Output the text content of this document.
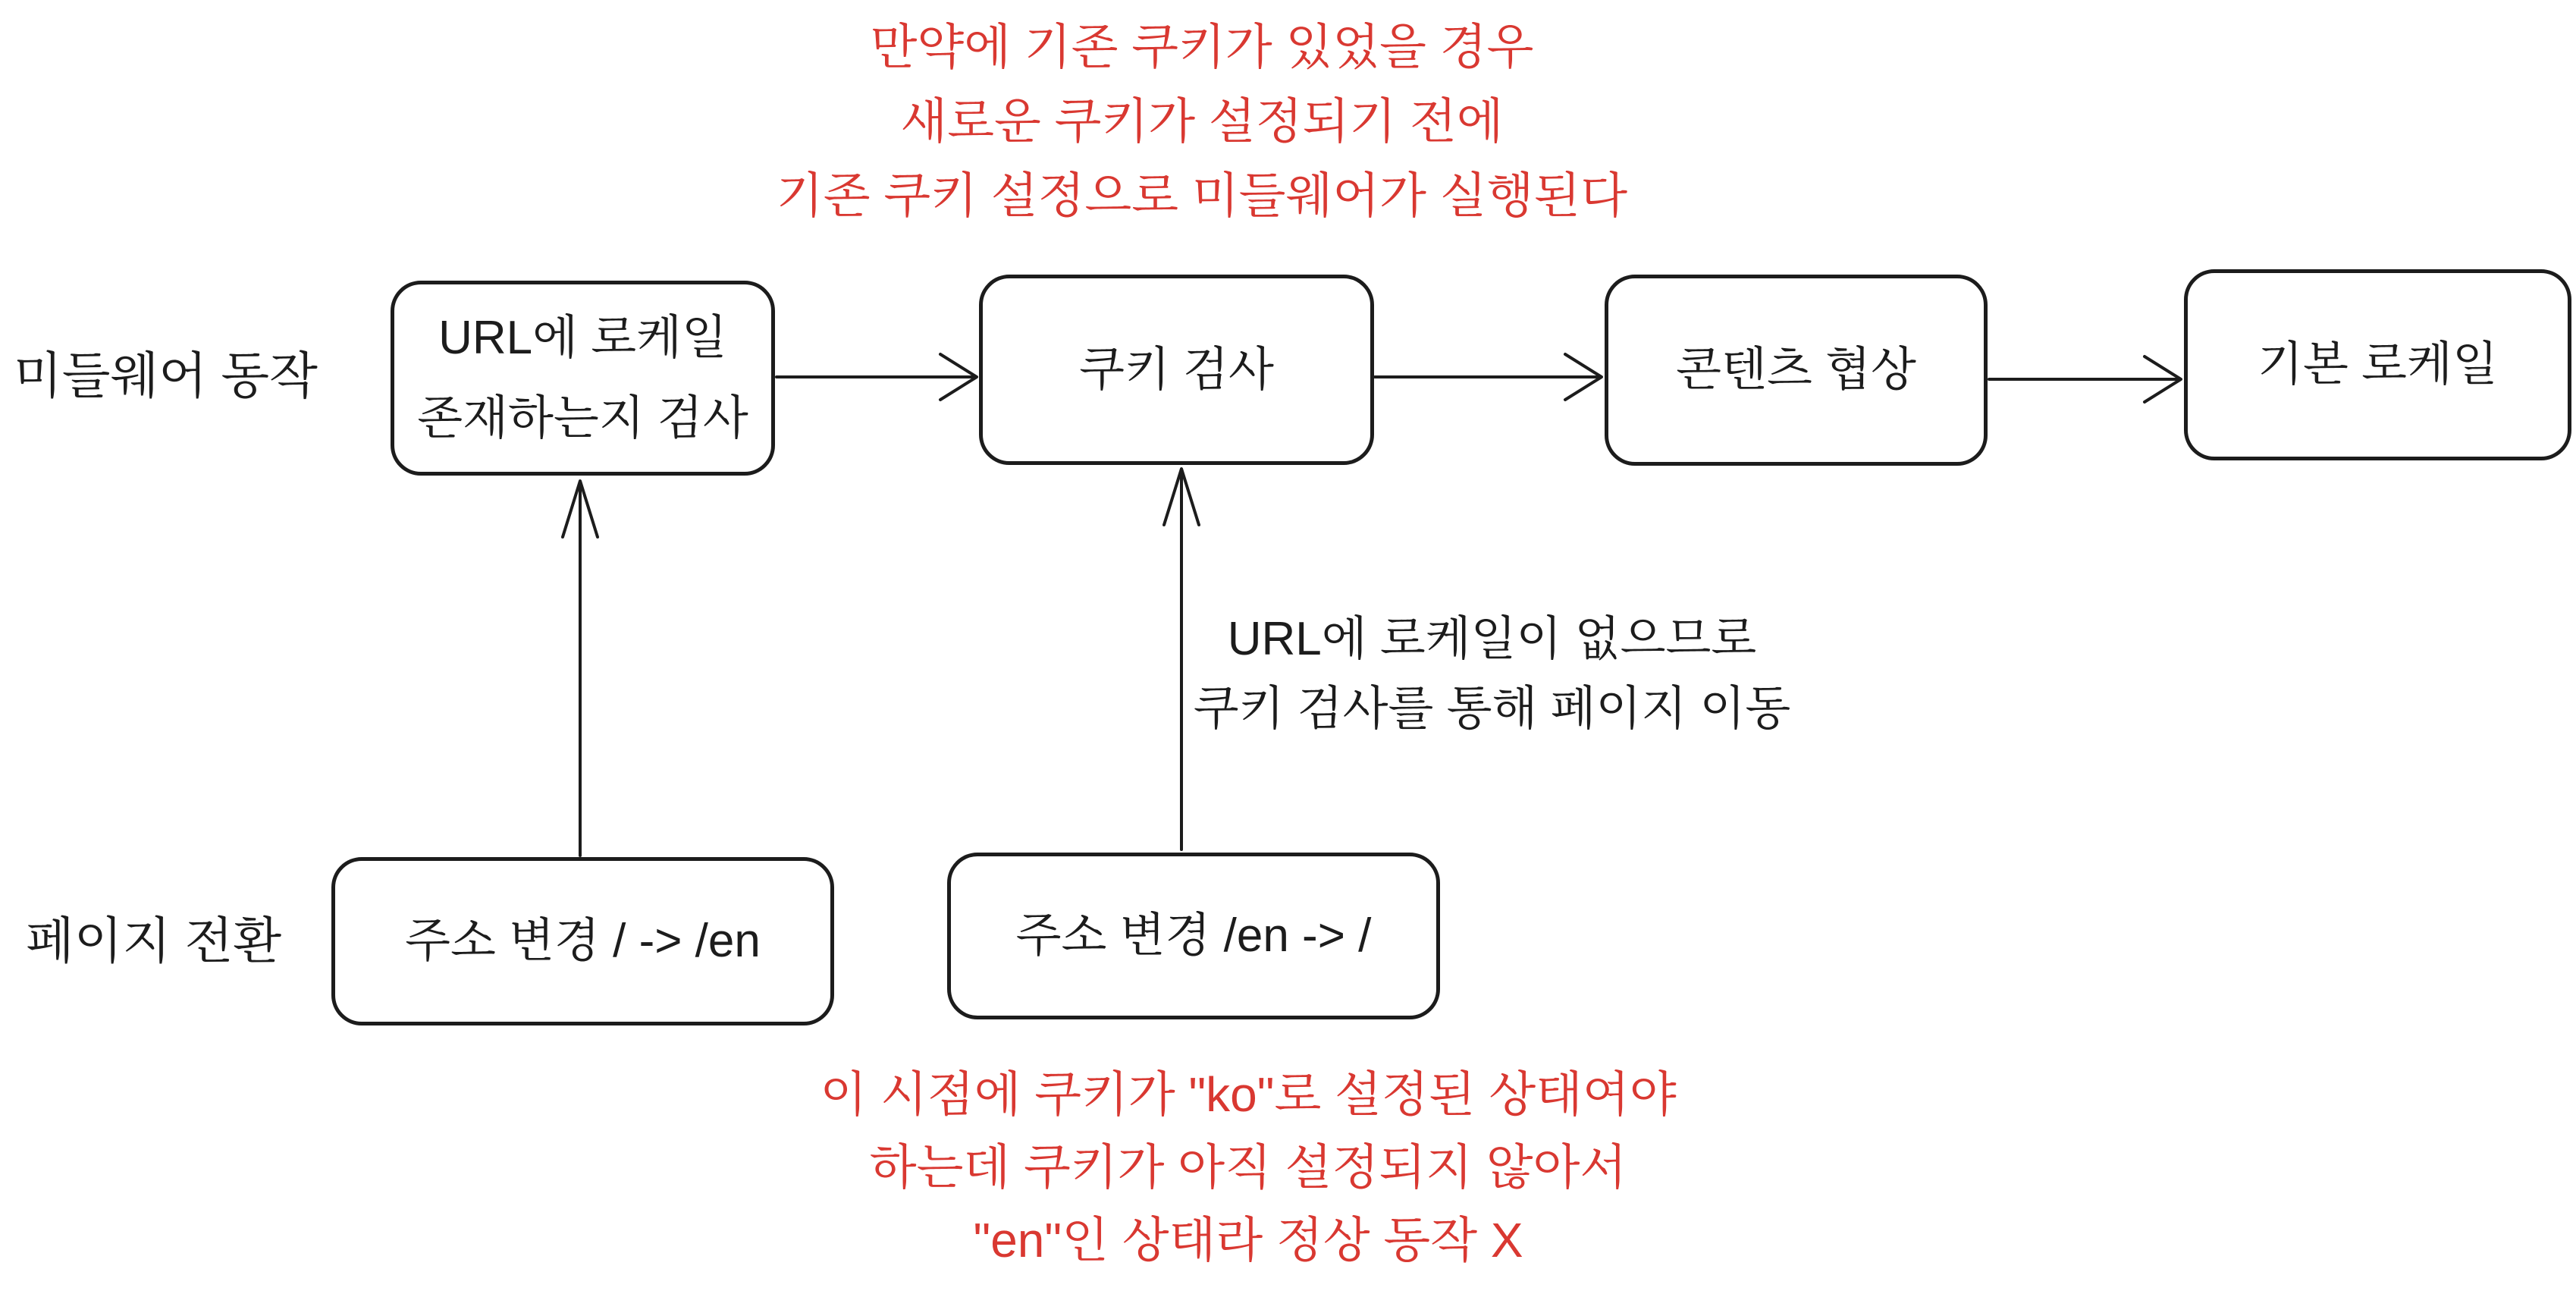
만약에 기존 쿠키가 있었을 경우
새로운 쿠키가 설정되기 전에
기존 쿠키 설정으로 미들웨어가 실행된다
미들웨어 동작
URL에 로케일
존재하는지 검사
쿠키 검사	콘텐츠 협상	기본 로케일
URL에 로케일이 없으므로
쿠키 검사를 통해 페이지 이동
페이지 전환	주소 변경 / -> /en	주소 변경 /en -> /
이 시점에 쿠키가 "ko"로 설정된 상태여야
하는데 쿠키가 아직 설정되지 않아서
"en"인 상태라 정상 동작 X
